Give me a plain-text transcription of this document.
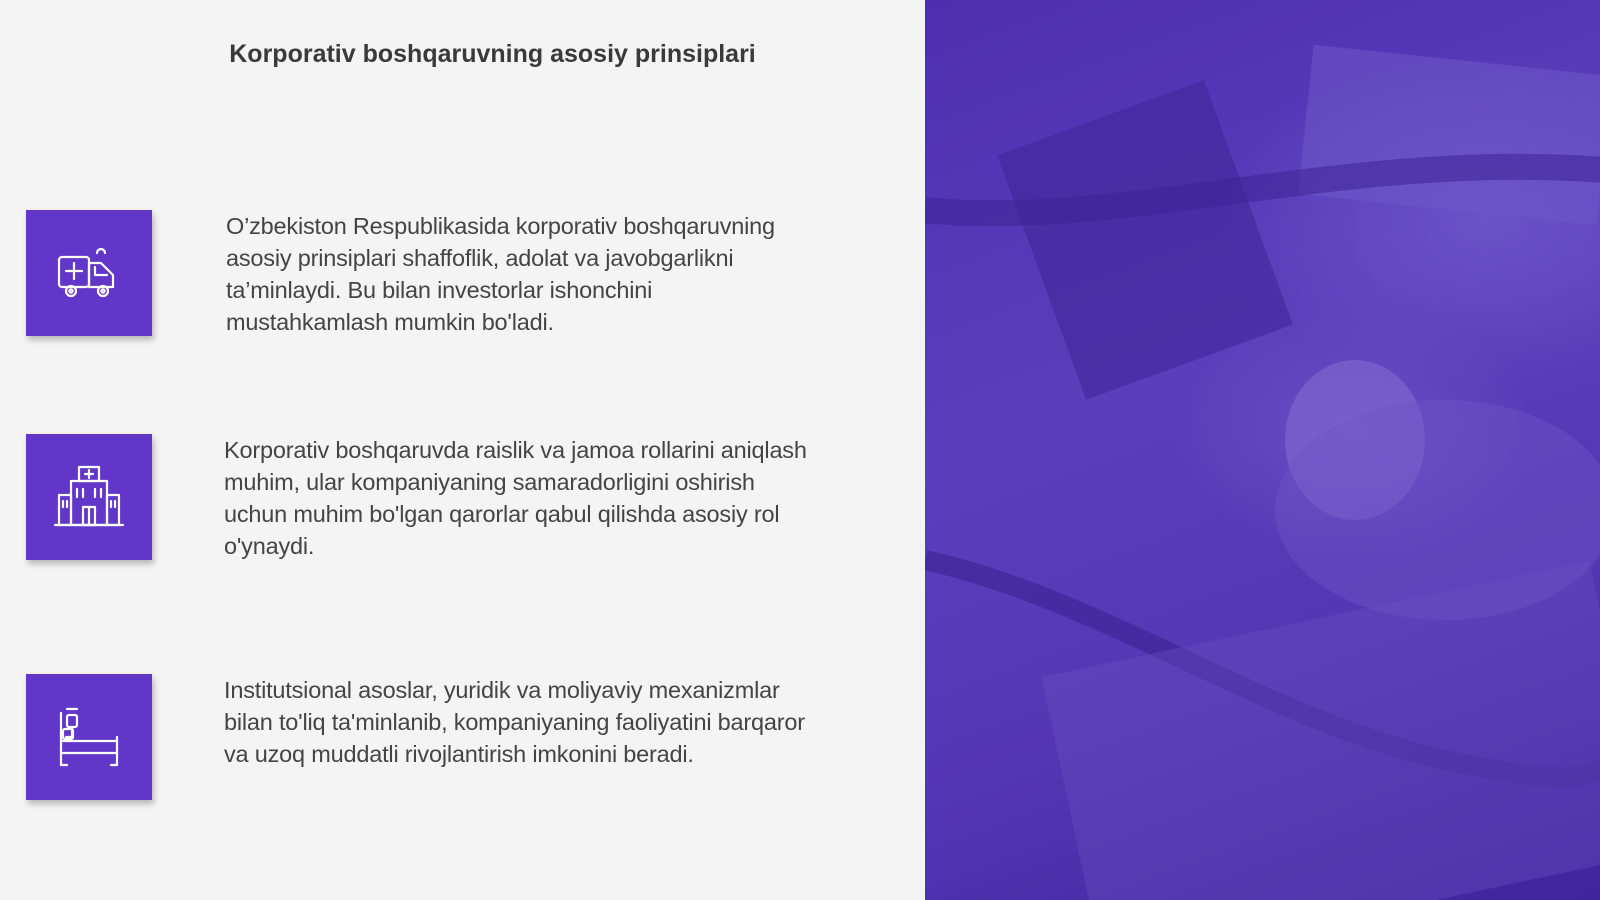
Korporativ boshqaruvning asosiy prinsiplari
O’zbekiston Respublikasida korporativ boshqaruvning asosiy prinsiplari shaffoflik, adolat va javobgarlikni ta’minlaydi. Bu bilan investorlar ishonchini mustahkamlash mumkin bo'ladi.
Korporativ boshqaruvda raislik va jamoa rollarini aniqlash muhim, ular kompaniyaning samaradorligini oshirish uchun muhim bo'lgan qarorlar qabul qilishda asosiy rol o'ynaydi.
Institutsional asoslar, yuridik va moliyaviy mexanizmlar bilan to'liq ta'minlanib, kompaniyaning faoliyatini barqaror va uzoq muddatli rivojlantirish imkonini beradi.
